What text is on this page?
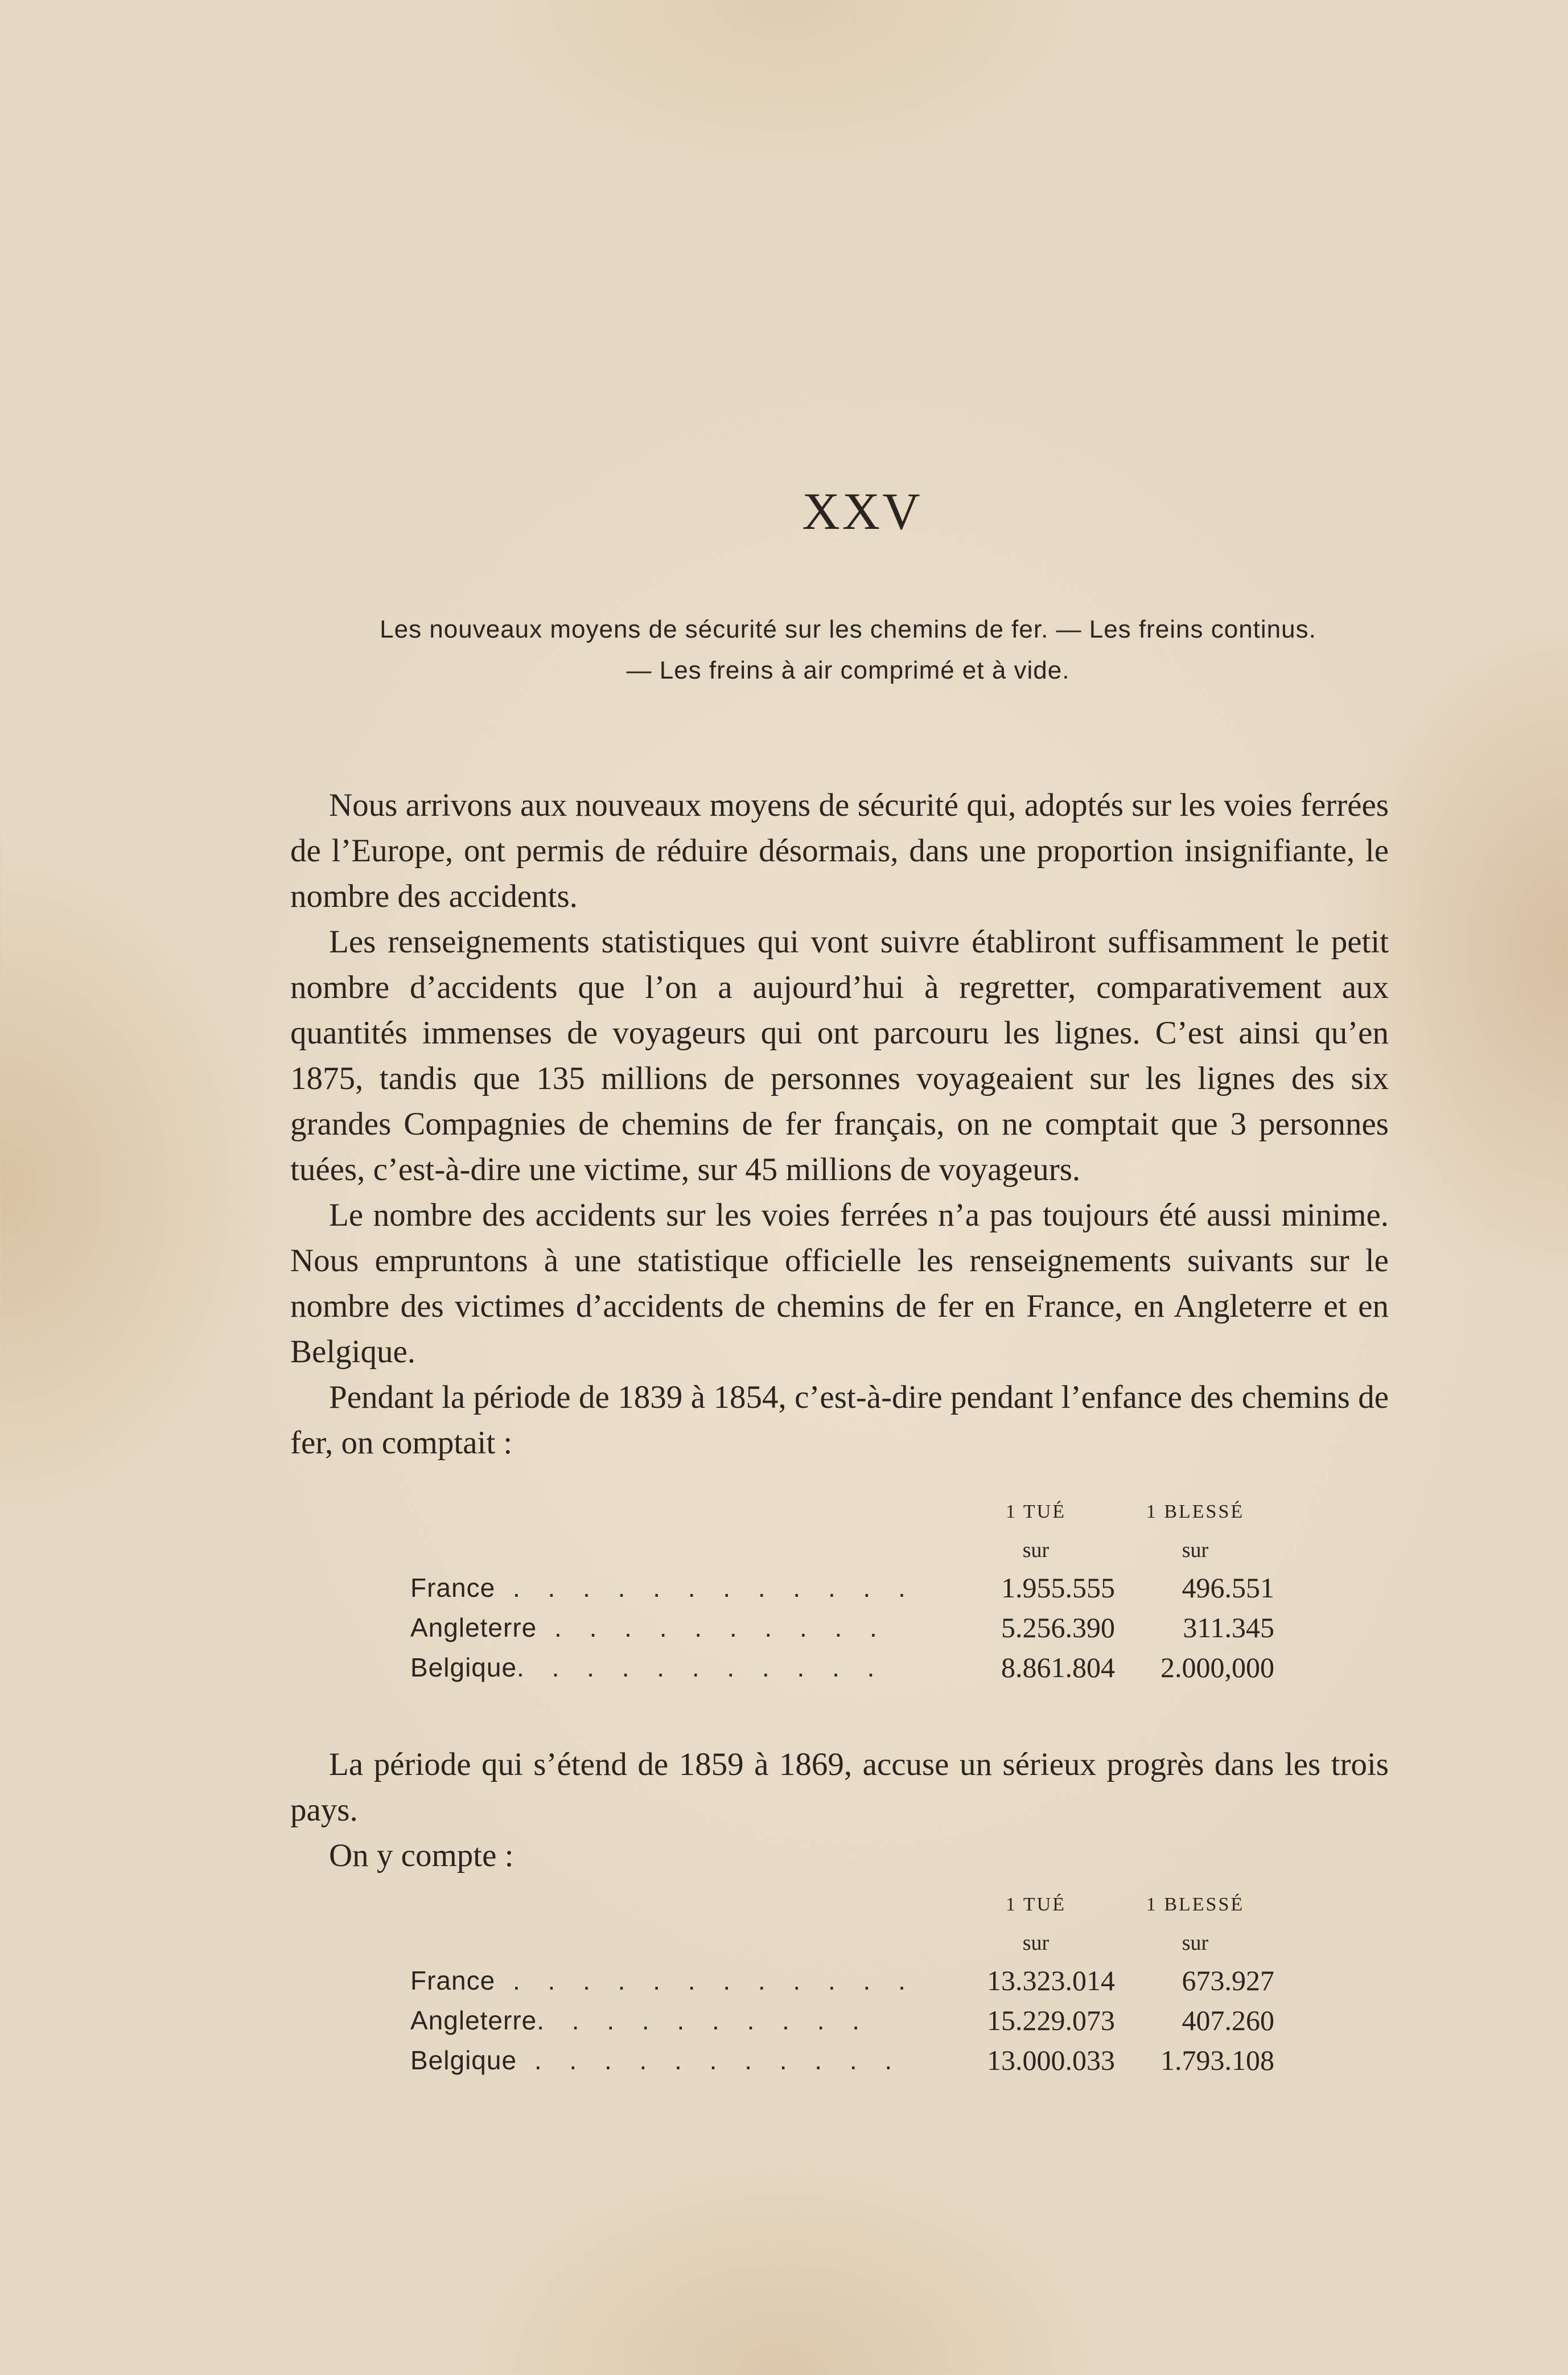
XXV
Les nouveaux moyens de sécurité sur les chemins de fer. — Les freins continus.
— Les freins à air comprimé et à vide.

Nous arrivons aux nouveaux moyens de sécurité qui, adoptés sur les voies ferrées de l’Europe, ont permis de réduire désormais, dans une proportion insignifiante, le nombre des accidents.

Les renseignements statistiques qui vont suivre établiront suffisamment le petit nombre d’accidents que l’on a aujourd’hui à regretter, comparativement aux quantités immenses de voyageurs qui ont parcouru les lignes. C’est ainsi qu’en 1875, tandis que 135 millions de personnes voyageaient sur les lignes des six grandes Compagnies de chemins de fer français, on ne comptait que 3 personnes tuées, c’est-à-dire une victime, sur 45 millions de voyageurs.

Le nombre des accidents sur les voies ferrées n’a pas toujours été aussi minime. Nous empruntons à une statistique officielle les renseignements suivants sur le nombre des victimes d’accidents de chemins de fer en France, en Angleterre et en Belgique.

Pendant la période de 1839 à 1854, c’est-à-dire pendant l’enfance des chemins de fer, on comptait :

	1 TUÉ	1 BLESSÉ
	sur	sur
France . . . . . . . . . . . .	1.955.555	496.551
Angleterre . . . . . . . . . .	5.256.390	311.345
Belgique. . . . . . . . . . .	8.861.804	2.000,000

La période qui s’étend de 1859 à 1869, accuse un sérieux progrès dans les trois pays.

On y compte :

	1 TUÉ	1 BLESSÉ
	sur	sur
France . . . . . . . . . . . .	13.323.014	673.927
Angleterre. . . . . . . . . .	15.229.073	407.260
Belgique . . . . . . . . . . .	13.000.033	1.793.108
